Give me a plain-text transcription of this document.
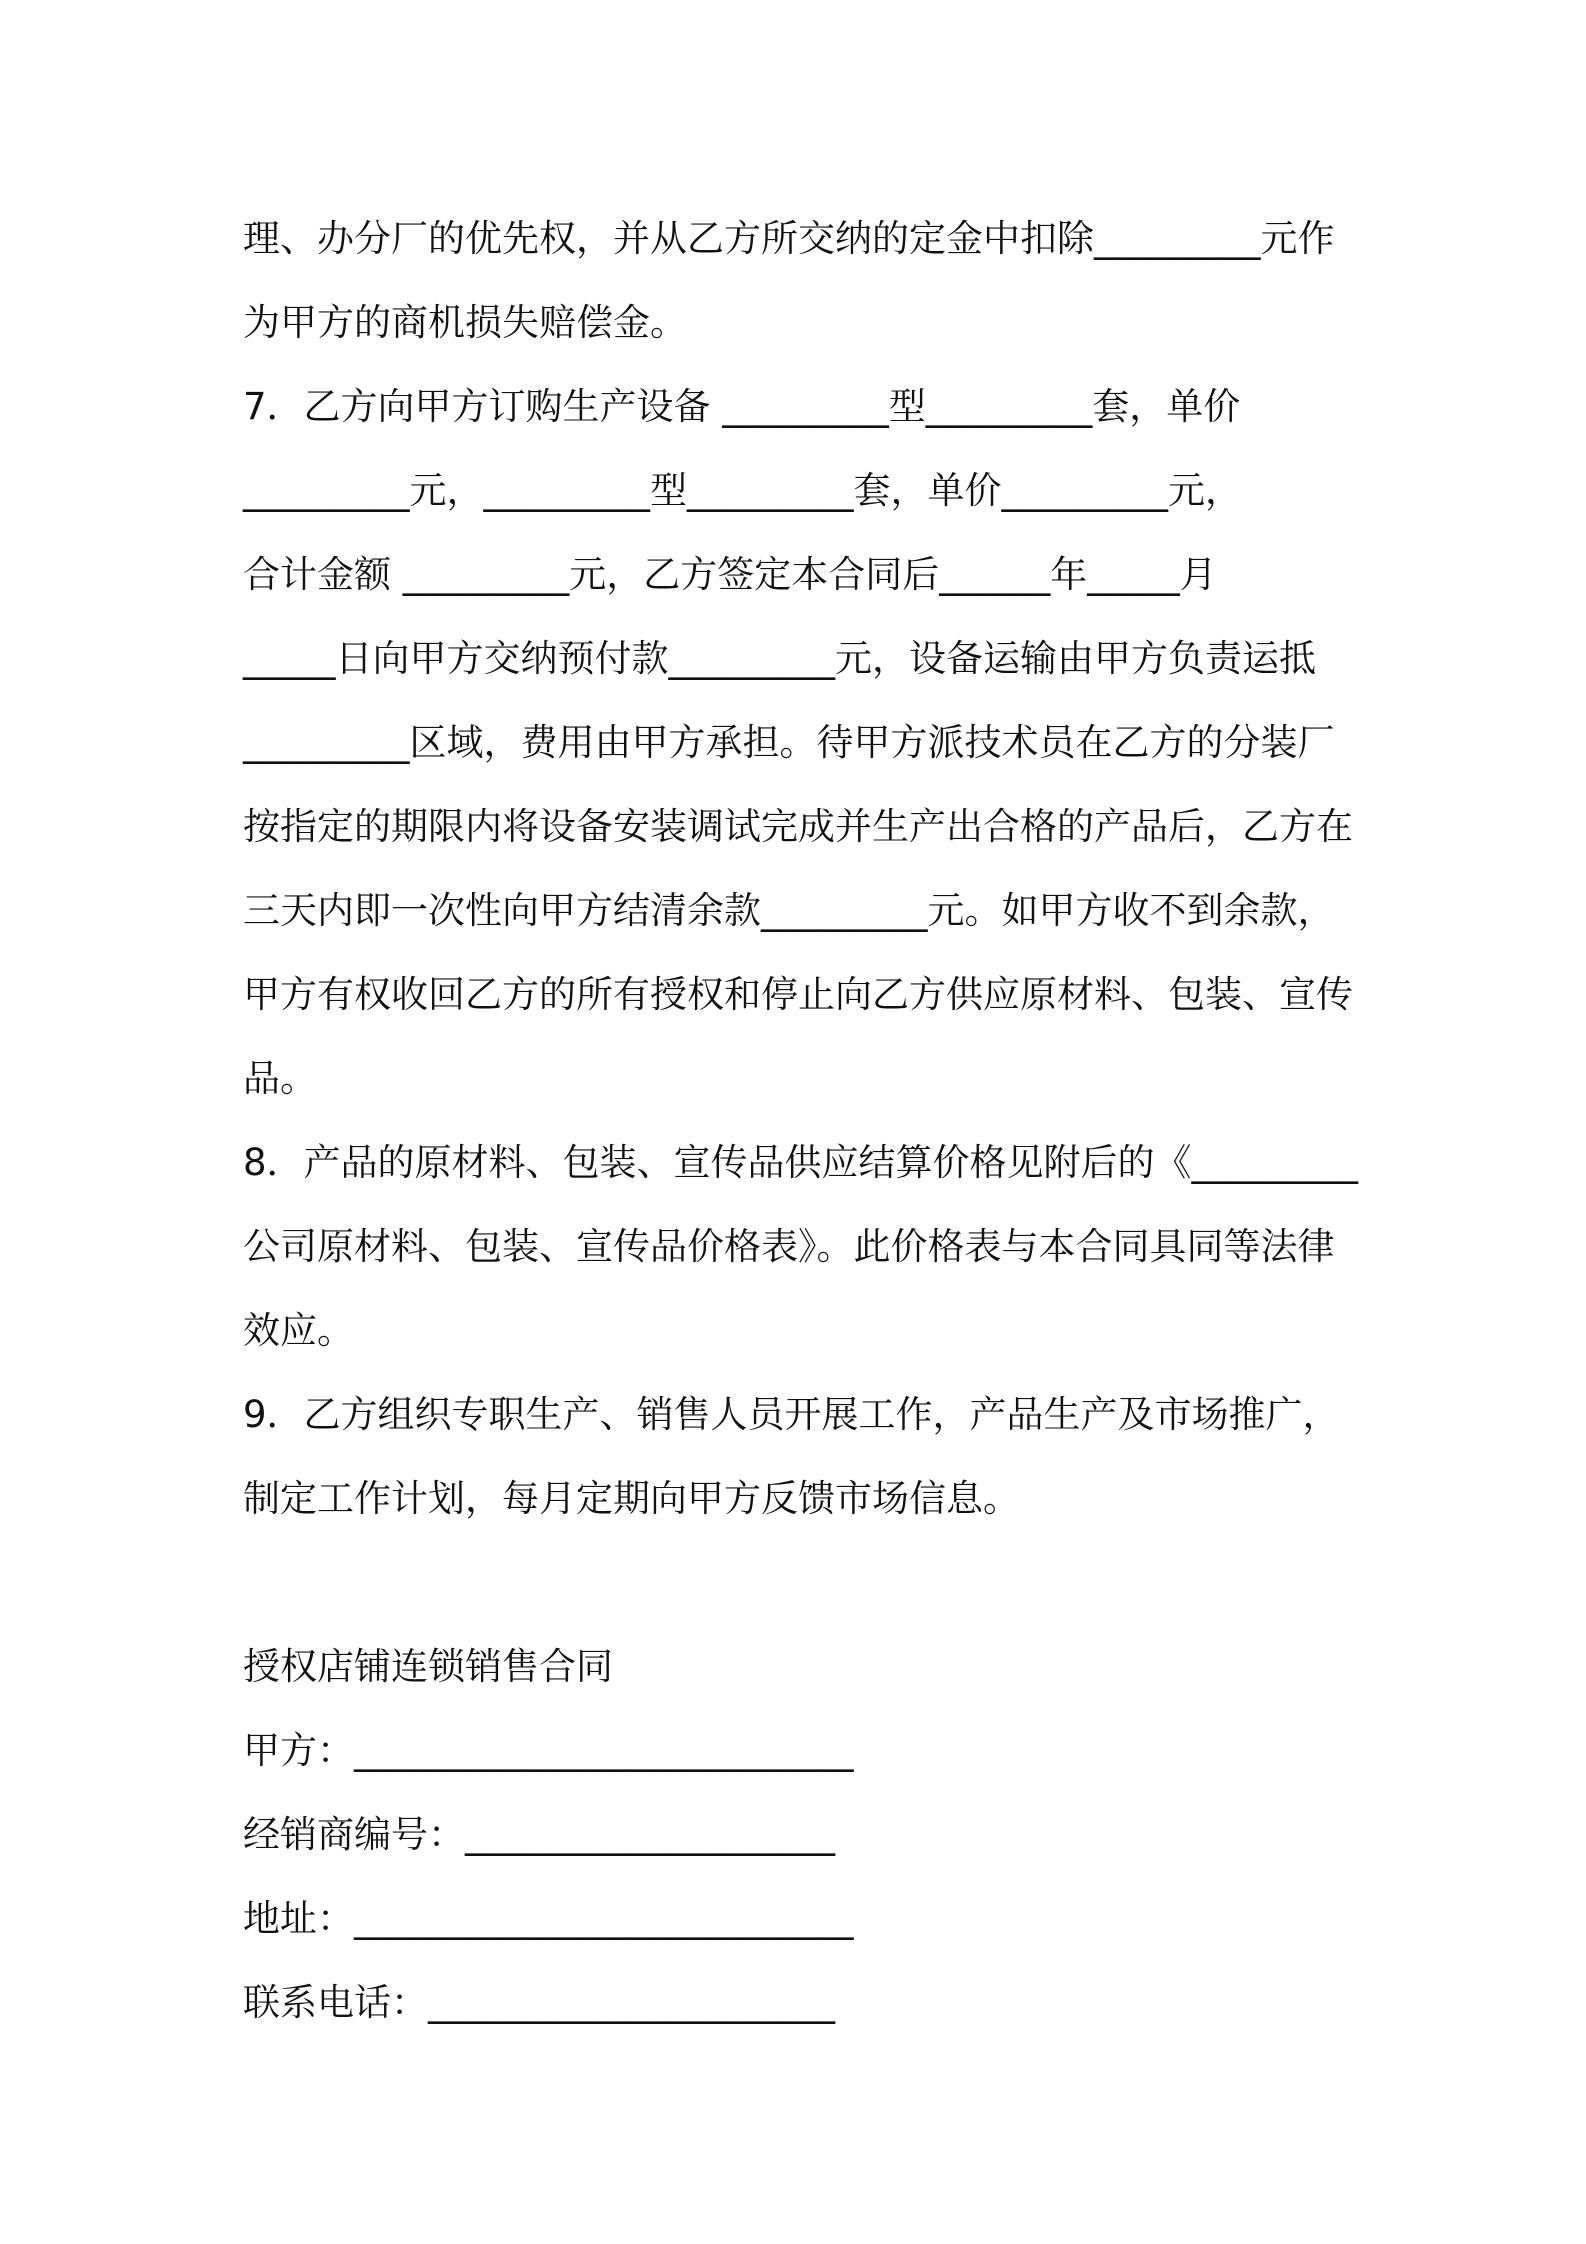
理、办分厂的优先权，并从乙方所交纳的定金中扣除_________元作

为甲方的商机损失赔偿金。

7．乙方向甲方订购生产设备 _________型_________套，单价

_________元，_________型_________套，单价_________元，

合计金额 _________元，乙方签定本合同后______年_____月

_____日向甲方交纳预付款_________元，设备运输由甲方负责运抵

_________区域，费用由甲方承担。待甲方派技术员在乙方的分装厂

按指定的期限内将设备安装调试完成并生产出合格的产品后，乙方在

三天内即一次性向甲方结清余款_________元。如甲方收不到余款，

甲方有权收回乙方的所有授权和停止向乙方供应原材料、包装、宣传

品。

8．产品的原材料、包装、宣传品供应结算价格见附后的《_________

公司原材料、包装、宣传品价格表》。此价格表与本合同具同等法律

效应。

9．乙方组织专职生产、销售人员开展工作，产品生产及市场推广，

制定工作计划，每月定期向甲方反馈市场信息。

授权店铺连锁销售合同

甲方：___________________________

经销商编号：____________________

地址：___________________________

联系电话：______________________
